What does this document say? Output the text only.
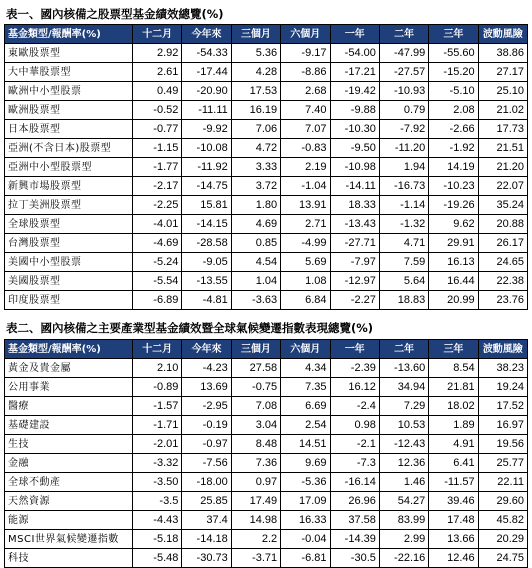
表一、國內核備之股票型基金績效總覽(%)
基金類型/報酬率(%)	十二月	今年來	三個月	六個月	一年	二年	三年	波動風險
東歐股票型	2.92	-54.33	5.36	-9.17	-54.00	-47.99	-55.60	38.86
大中華股票型	2.61	-17.44	4.28	-8.86	-17.21	-27.57	-15.20	27.17
歐洲中小型股票	0.49	-20.90	17.53	2.68	-19.42	-10.93	-5.10	25.10
歐洲股票型	-0.52	-11.11	16.19	7.40	-9.88	0.79	2.08	21.02
日本股票型	-0.77	-9.92	7.06	7.07	-10.30	-7.92	-2.66	17.73
亞洲(不含日本)股票型	-1.15	-10.08	4.72	-0.83	-9.50	-11.20	-1.92	21.51
亞洲中小型股票型	-1.77	-11.92	3.33	2.19	-10.98	1.94	14.19	21.20
新興市場股票型	-2.17	-14.75	3.72	-1.04	-14.11	-16.73	-10.23	22.07
拉丁美洲股票型	-2.25	15.81	1.80	13.91	18.33	-1.14	-19.26	35.24
全球股票型	-4.01	-14.15	4.69	2.71	-13.43	-1.32	9.62	20.88
台灣股票型	-4.69	-28.58	0.85	-4.99	-27.71	4.71	29.91	26.17
美國中小型股票	-5.24	-9.05	4.54	5.69	-7.97	7.59	16.13	24.65
美國股票型	-5.54	-13.55	1.04	1.08	-12.97	5.64	16.44	22.38
印度股票型	-6.89	-4.81	-3.63	6.84	-2.27	18.83	20.99	23.76
表二、國內核備之主要產業型基金績效暨全球氣候變遷指數表現總覽(%)
基金類型/報酬率(%)	十二月	今年來	三個月	六個月	一年	二年	三年	波動風險
黃金及貴金屬	2.10	-4.23	27.58	4.34	-2.39	-13.60	8.54	38.23
公用事業	-0.89	13.69	-0.75	7.35	16.12	34.94	21.81	19.24
醫療	-1.57	-2.95	7.08	6.69	-2.4	7.29	18.02	17.52
基礎建設	-1.71	-0.19	3.04	2.54	0.98	10.53	1.89	16.97
生技	-2.01	-0.97	8.48	14.51	-2.1	-12.43	4.91	19.56
金融	-3.32	-7.56	7.36	9.69	-7.3	12.36	6.41	25.77
全球不動產	-3.50	-18.00	0.97	-5.36	-16.14	1.46	-11.57	22.11
天然資源	-3.5	25.85	17.49	17.09	26.96	54.27	39.46	29.60
能源	-4.43	37.4	14.98	16.33	37.58	83.99	17.48	45.82
MSCI世界氣候變遷指數	-5.18	-14.18	2.2	-0.04	-14.39	2.99	13.66	20.29
科技	-5.48	-30.73	-3.71	-6.81	-30.5	-22.16	12.46	24.75
